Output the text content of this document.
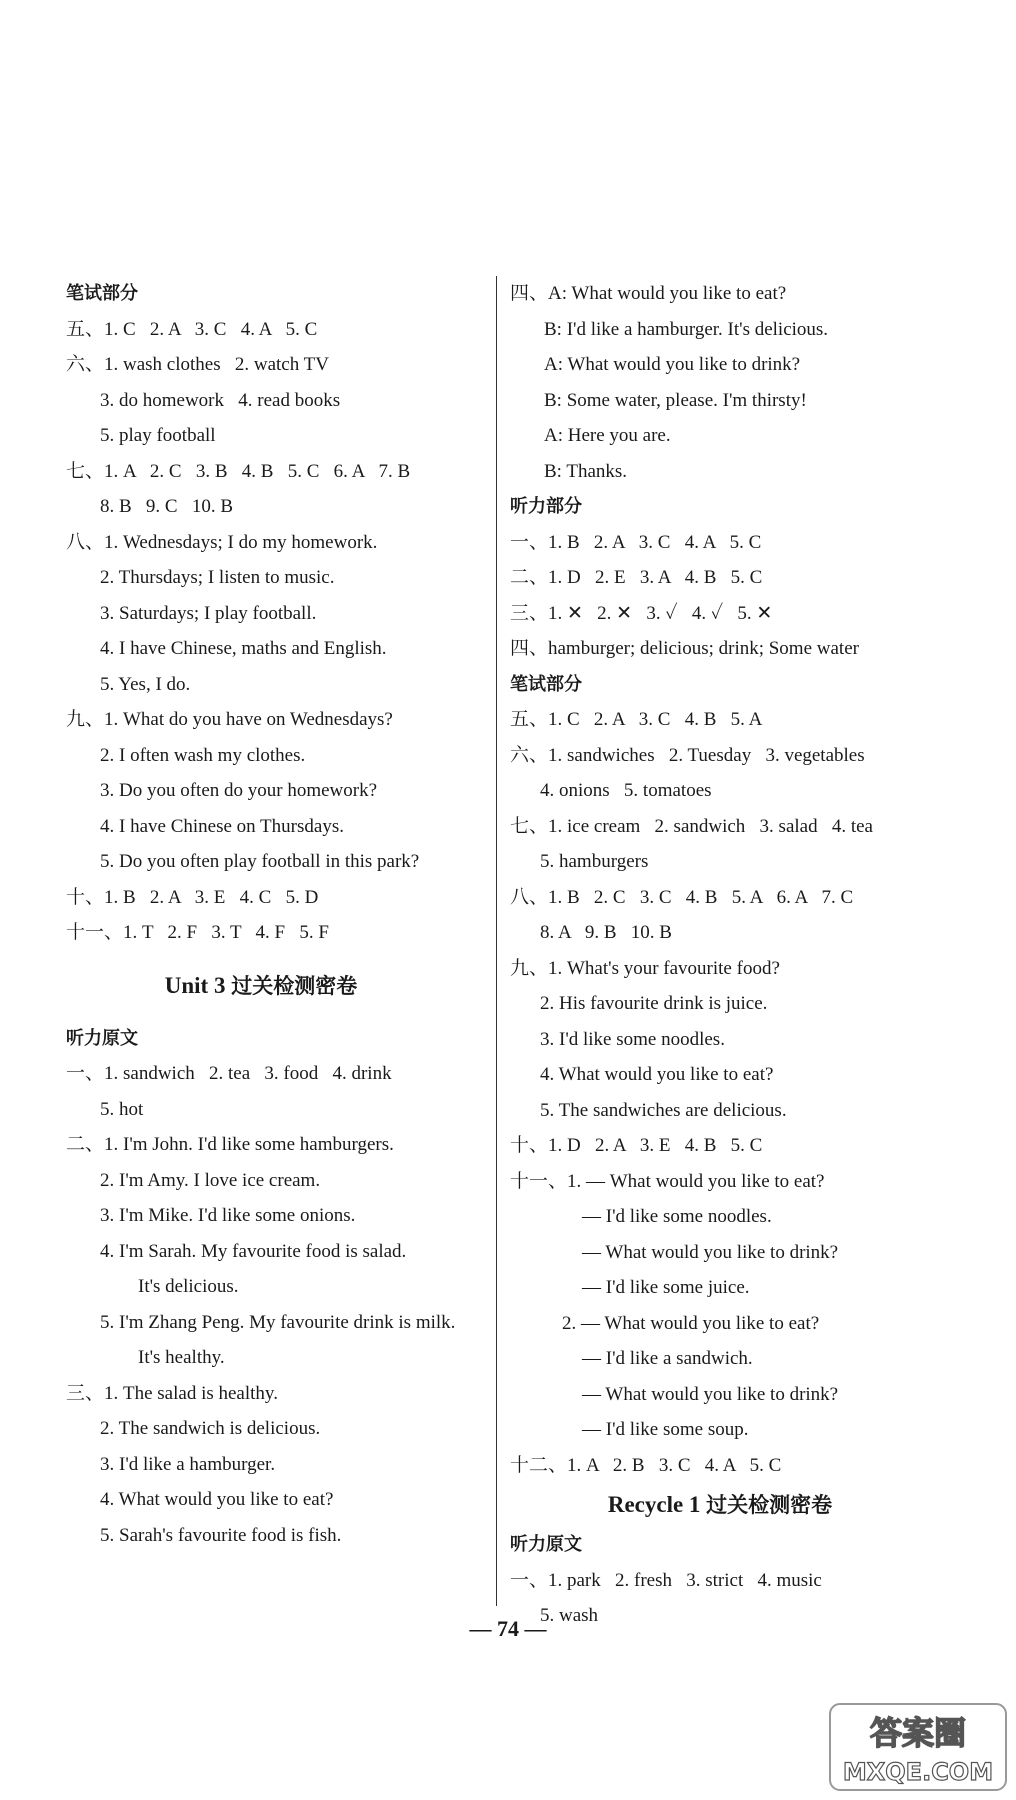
笔试部分
五、1. C   2. A   3. C   4. A   5. C
六、1. wash clothes   2. watch TV
3. do homework   4. read books
5. play football
七、1. A   2. C   3. B   4. B   5. C   6. A   7. B
8. B   9. C   10. B
八、1. Wednesdays; I do my homework.
2. Thursdays; I listen to music.
3. Saturdays; I play football.
4. I have Chinese, maths and English.
5. Yes, I do.
九、1. What do you have on Wednesdays?
2. I often wash my clothes.
3. Do you often do your homework?
4. I have Chinese on Thursdays.
5. Do you often play football in this park?
十、1. B   2. A   3. E   4. C   5. D
十一、1. T   2. F   3. T   4. F   5. F
Unit 3 过关检测密卷
听力原文
一、1. sandwich   2. tea   3. food   4. drink
5. hot
二、1. I'm John. I'd like some hamburgers.
2. I'm Amy. I love ice cream.
3. I'm Mike. I'd like some onions.
4. I'm Sarah. My favourite food is salad.
It's delicious.
5. I'm Zhang Peng. My favourite drink is milk.
It's healthy.
三、1. The salad is healthy.
2. The sandwich is delicious.
3. I'd like a hamburger.
4. What would you like to eat?
5. Sarah's favourite food is fish.
四、A: What would you like to eat?
B: I'd like a hamburger. It's delicious.
A: What would you like to drink?
B: Some water, please. I'm thirsty!
A: Here you are.
B: Thanks.
听力部分
一、1. B   2. A   3. C   4. A   5. C
二、1. D   2. E   3. A   4. B   5. C
三、1. ✕   2. ✕   3. ✓   4. ✓   5. ✕
四、hamburger; delicious; drink; Some water
笔试部分
五、1. C   2. A   3. C   4. B   5. A
六、1. sandwiches   2. Tuesday   3. vegetables
4. onions   5. tomatoes
七、1. ice cream   2. sandwich   3. salad   4. tea
5. hamburgers
八、1. B   2. C   3. C   4. B   5. A   6. A   7. C
8. A   9. B   10. B
九、1. What's your favourite food?
2. His favourite drink is juice.
3. I'd like some noodles.
4. What would you like to eat?
5. The sandwiches are delicious.
十、1. D   2. A   3. E   4. B   5. C
十一、1. — What would you like to eat?
— I'd like some noodles.
— What would you like to drink?
— I'd like some juice.
2. — What would you like to eat?
— I'd like a sandwich.
— What would you like to drink?
— I'd like some soup.
十二、1. A   2. B   3. C   4. A   5. C
Recycle 1 过关检测密卷
听力原文
一、1. park   2. fresh   3. strict   4. music
5. wash
— 74 —
答案圈
MXQE.COM
